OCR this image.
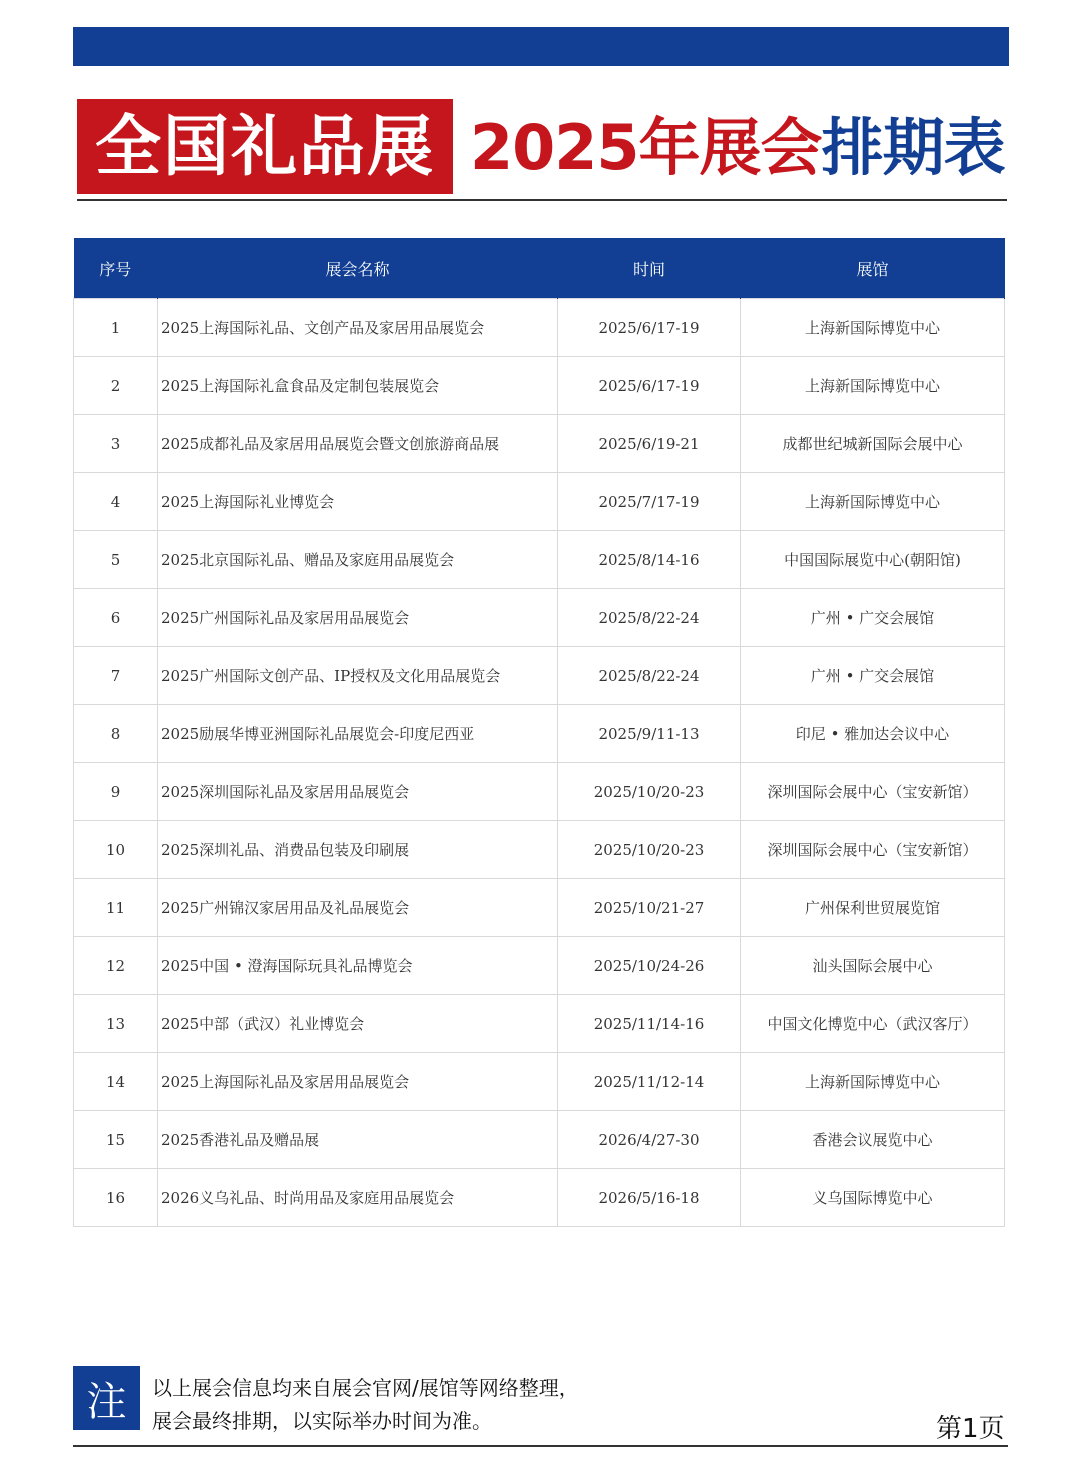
全国礼品展 2025年展会 排期表
序号	展会名称	时间	展馆
1	2025上海国际礼品、文创产品及家居用品展览会	2025/6/17-19	上海新国际博览中心
2	2025上海国际礼盒食品及定制包装展览会	2025/6/17-19	上海新国际博览中心
3	2025成都礼品及家居用品展览会暨文创旅游商品展	2025/6/19-21	成都世纪城新国际会展中心
4	2025上海国际礼业博览会	2025/7/17-19	上海新国际博览中心
5	2025北京国际礼品、赠品及家庭用品展览会	2025/8/14-16	中国国际展览中心(朝阳馆)
6	2025广州国际礼品及家居用品展览会	2025/8/22-24	广州 • 广交会展馆
7	2025广州国际文创产品、IP授权及文化用品展览会	2025/8/22-24	广州 • 广交会展馆
8	2025励展华博亚洲国际礼品展览会-印度尼西亚	2025/9/11-13	印尼 • 雅加达会议中心
9	2025深圳国际礼品及家居用品展览会	2025/10/20-23	深圳国际会展中心（宝安新馆）
10	2025深圳礼品、消费品包装及印刷展	2025/10/20-23	深圳国际会展中心（宝安新馆）
11	2025广州锦汉家居用品及礼品展览会	2025/10/21-27	广州保利世贸展览馆
12	2025中国 • 澄海国际玩具礼品博览会	2025/10/24-26	汕头国际会展中心
13	2025中部（武汉）礼业博览会	2025/11/14-16	中国文化博览中心（武汉客厅）
14	2025上海国际礼品及家居用品展览会	2025/11/12-14	上海新国际博览中心
15	2025香港礼品及赠品展	2026/4/27-30	香港会议展览中心
16	2026义乌礼品、时尚用品及家庭用品展览会	2026/5/16-18	义乌国际博览中心
注 以上展会信息均来自展会官网/展馆等网络整理，
展会最终排期，以实际举办时间为准。	第1页
